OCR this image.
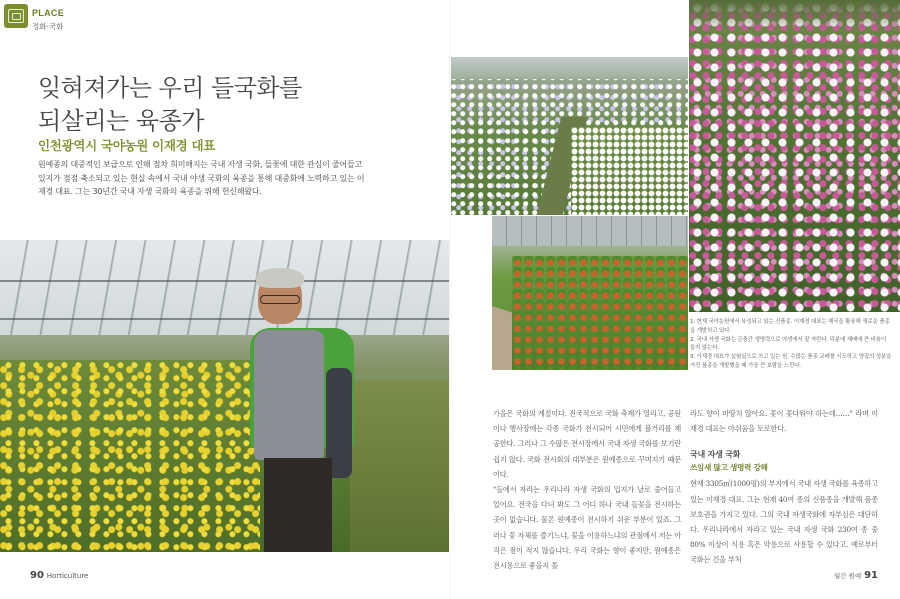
PLACE
정화·국화
잊혀져가는 우리 들국화를
되살리는 육종가
인천광역시 국야농원 이재경 대표

원예종의 대중적인 보급으로 인해 점차 희미해지는 국내 자생 국화, 들꽃에 대한 관심이 줄어들고 있지가 점점 축소되고 있는 현실 속에서 국내 야생 국화의 육종을 통해 대중화에 노력하고 있는 이재경 대표. 그는 30년간 국내 자생 국화의 육종을 위해 헌신해왔다.

1. 현재 국야농원에서 육성되고 있는 신품종. 이재경 대표는 해국을 활용해 새로운 품종을 개발하고 있다.

2. 국내 자생 국화는 곤충간 생명력으로 야생에서 잘 자란다. 덕분에 재배에 큰 비용이 들지 않는다.

3. 이재경 대표가 실험실으로 쓰고 있는 원. 수많는 품종 교배를 시도하고 양질의 성분을 가진 품종을 개발했을 때 가장 큰 보람을 느낀다.

가을은 국화의 계절이다. 전국적으로 국화 축제가 열리고, 공원이나 행사장에는 각종 국화가 전시되어 시민에게 볼거리를 제공한다. 그러나 그 수많은 전시장에서 국내 자생 국화를 보기란 쉽지 않다. 국화 전시회의 대부분은 원예종으로 꾸며지기 때문이다.

"들에서 자라는 우리나라 자생 국화의 입지가 날로 줄어들고 있어요. 전국을 다녀 봐도 그 어디 하나 국내 들꽃을 전시하는 곳이 없습니다. 물론 원예종이 전시하기 쉬운 부분이 있죠. 그러나 꽃 자체를 즐기느냐, 꽃을 이용하느냐의 관점에서 저는 아직은 점이 적지 않습니다. 우리 국화는 향이 좋지만, 원예종은 전시용으로 좋을지 몰

라도 향이 마땅치 않아요. 꽃이 꽃다워야 하는데……" 라며 이재경 대표는 아쉬움을 토로한다.

국내 자생 국화
쓰임새 많고 생명력 강해

현재 3305㎡(1000평)의 부지에서 국내 자생 국화를 육종하고 있는 이재경 대표. 그는 현재 40여 종의 신품종을 개발해 품종 보호권을 가지고 있다. 그의 국내 자생국화에 자부심은 대단하다. 우리나라에서 자라고 있는 국내 자생 국화 230여 종 중 80% 이상이 식용 혹은 약용으로 사용할 수 있다고. 예로부터 국화는 건을 부처

90 Horticulture	월간 원예 91
